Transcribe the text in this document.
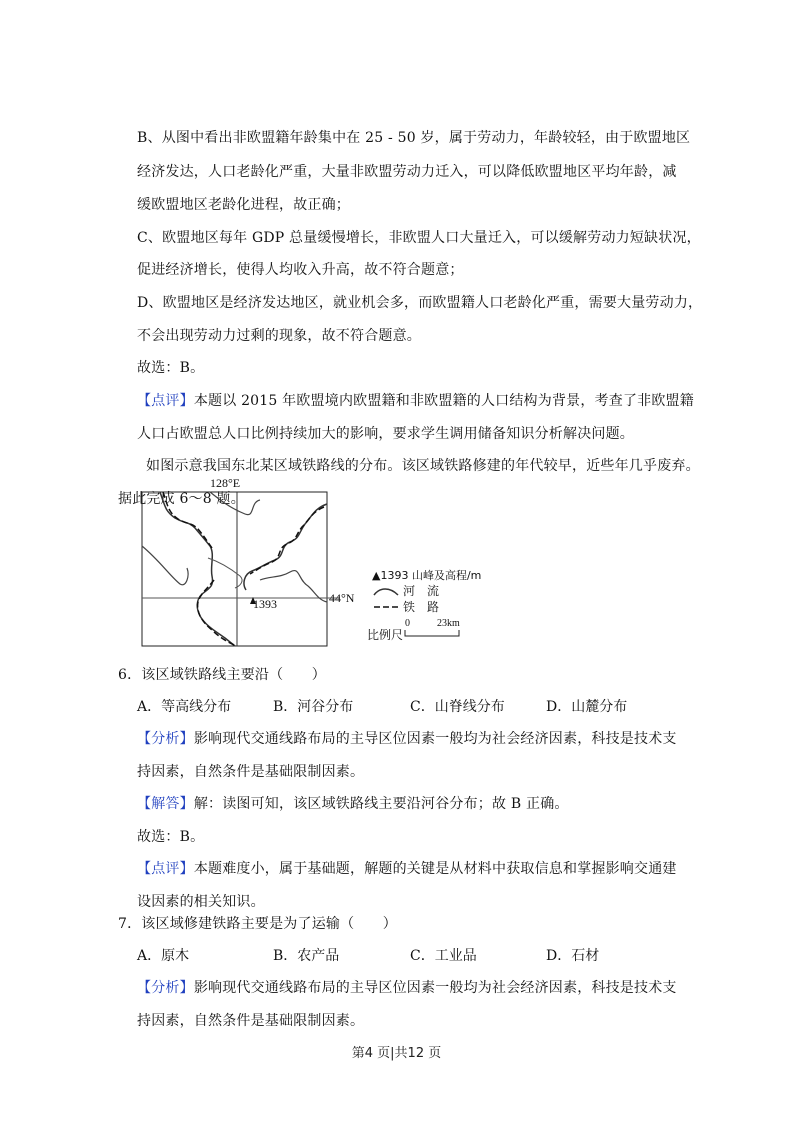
B、从图中看出非欧盟籍年龄集中在 25 - 50 岁，属于劳动力，年龄较轻，由于欧盟地区
经济发达，人口老龄化严重，大量非欧盟劳动力迁入，可以降低欧盟地区平均年龄，减
缓欧盟地区老龄化进程，故正确；
C、欧盟地区每年 GDP 总量缓慢增长，非欧盟人口大量迁入，可以缓解劳动力短缺状况，
促进经济增长，使得人均收入升高，故不符合题意；
D、欧盟地区是经济发达地区，就业机会多，而欧盟籍人口老龄化严重，需要大量劳动力，
不会出现劳动力过剩的现象，故不符合题意。
故选：B。
【点评】本题以 2015 年欧盟境内欧盟籍和非欧盟籍的人口结构为背景，考查了非欧盟籍
人口占欧盟总人口比例持续加大的影响，要求学生调用储备知识分析解决问题。
如图示意我国东北某区域铁路线的分布。该区域铁路修建的年代较早，近些年几乎废弃。
据此完成 6～8 题。
128°E
1393	44°N
▲1393 山峰及高程/m
河　流
铁　路
比例尺
0	23km
6．该区域铁路线主要沿（　　）
A．等高线分布	B．河谷分布	C．山脊线分布	D．山麓分布
【分析】影响现代交通线路布局的主导区位因素一般均为社会经济因素，科技是技术支
持因素，自然条件是基础限制因素。
【解答】解：读图可知，该区域铁路线主要沿河谷分布；故 B 正确。
故选：B。
【点评】本题难度小，属于基础题，解题的关键是从材料中获取信息和掌握影响交通建
设因素的相关知识。
7．该区域修建铁路主要是为了运输（　　）
A．原木	B．农产品	C．工业品	D．石材
【分析】影响现代交通线路布局的主导区位因素一般均为社会经济因素，科技是技术支
持因素，自然条件是基础限制因素。
第4 页|共12 页
